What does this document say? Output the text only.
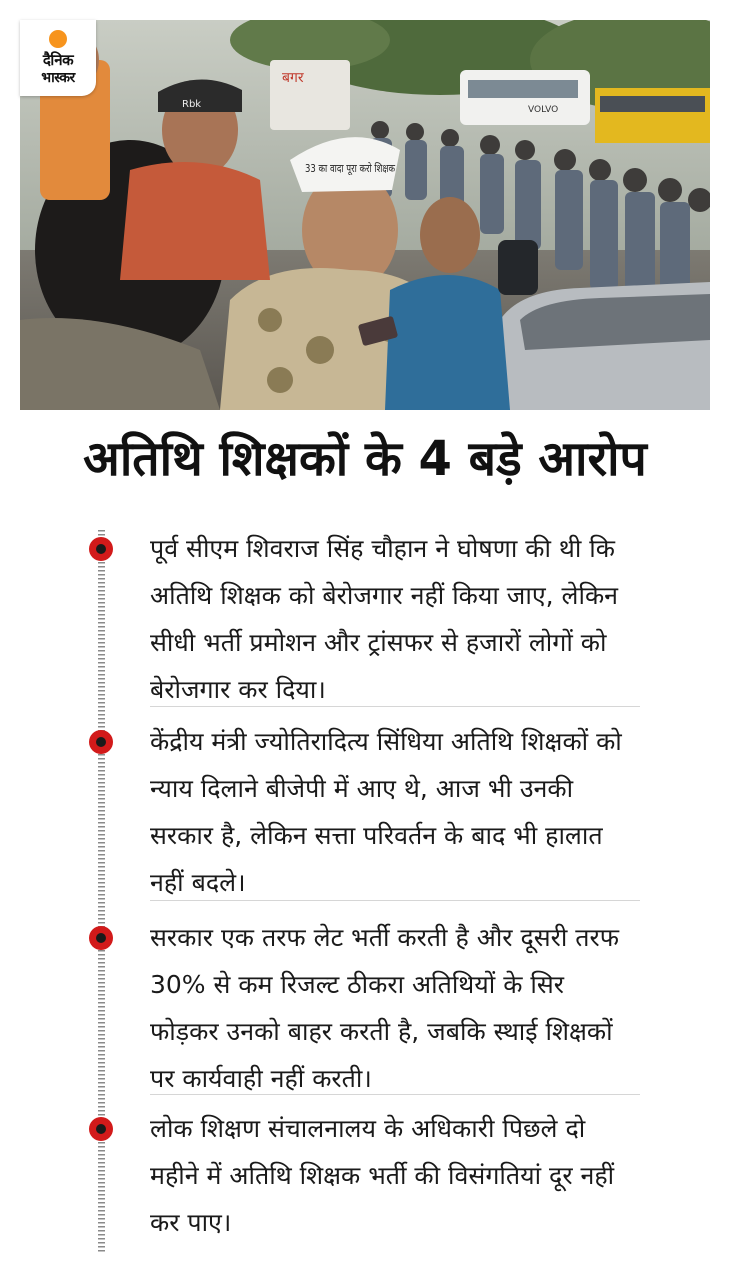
बगर
VOLVO
33 का वादा पूरा करो शिक्षक
Rbk
दैनिक
भास्कर
अतिथि शिक्षकों के 4 बड़े आरोप

पूर्व सीएम शिवराज सिंह चौहान ने घोषणा की थी कि अतिथि शिक्षक को बेरोजगार नहीं किया जाए, लेकिन सीधी भर्ती प्रमोशन और ट्रांसफर से हजारों लोगों को बेरोजगार कर दिया।

केंद्रीय मंत्री ज्योतिरादित्य सिंधिया अतिथि शिक्षकों को न्याय दिलाने बीजेपी में आए थे, आज भी उनकी सरकार है, लेकिन सत्ता परिवर्तन के बाद भी हालात नहीं बदले।

सरकार एक तरफ लेट भर्ती करती है और दूसरी तरफ 30% से कम रिजल्ट ठीकरा अतिथियों के सिर फोड़कर उनको बाहर करती है, जबकि स्थाई शिक्षकों पर कार्यवाही नहीं करती।

लोक शिक्षण संचालनालय के अधिकारी पिछले दो महीने में अतिथि शिक्षक भर्ती की विसंगतियां दूर नहीं कर पाए।
